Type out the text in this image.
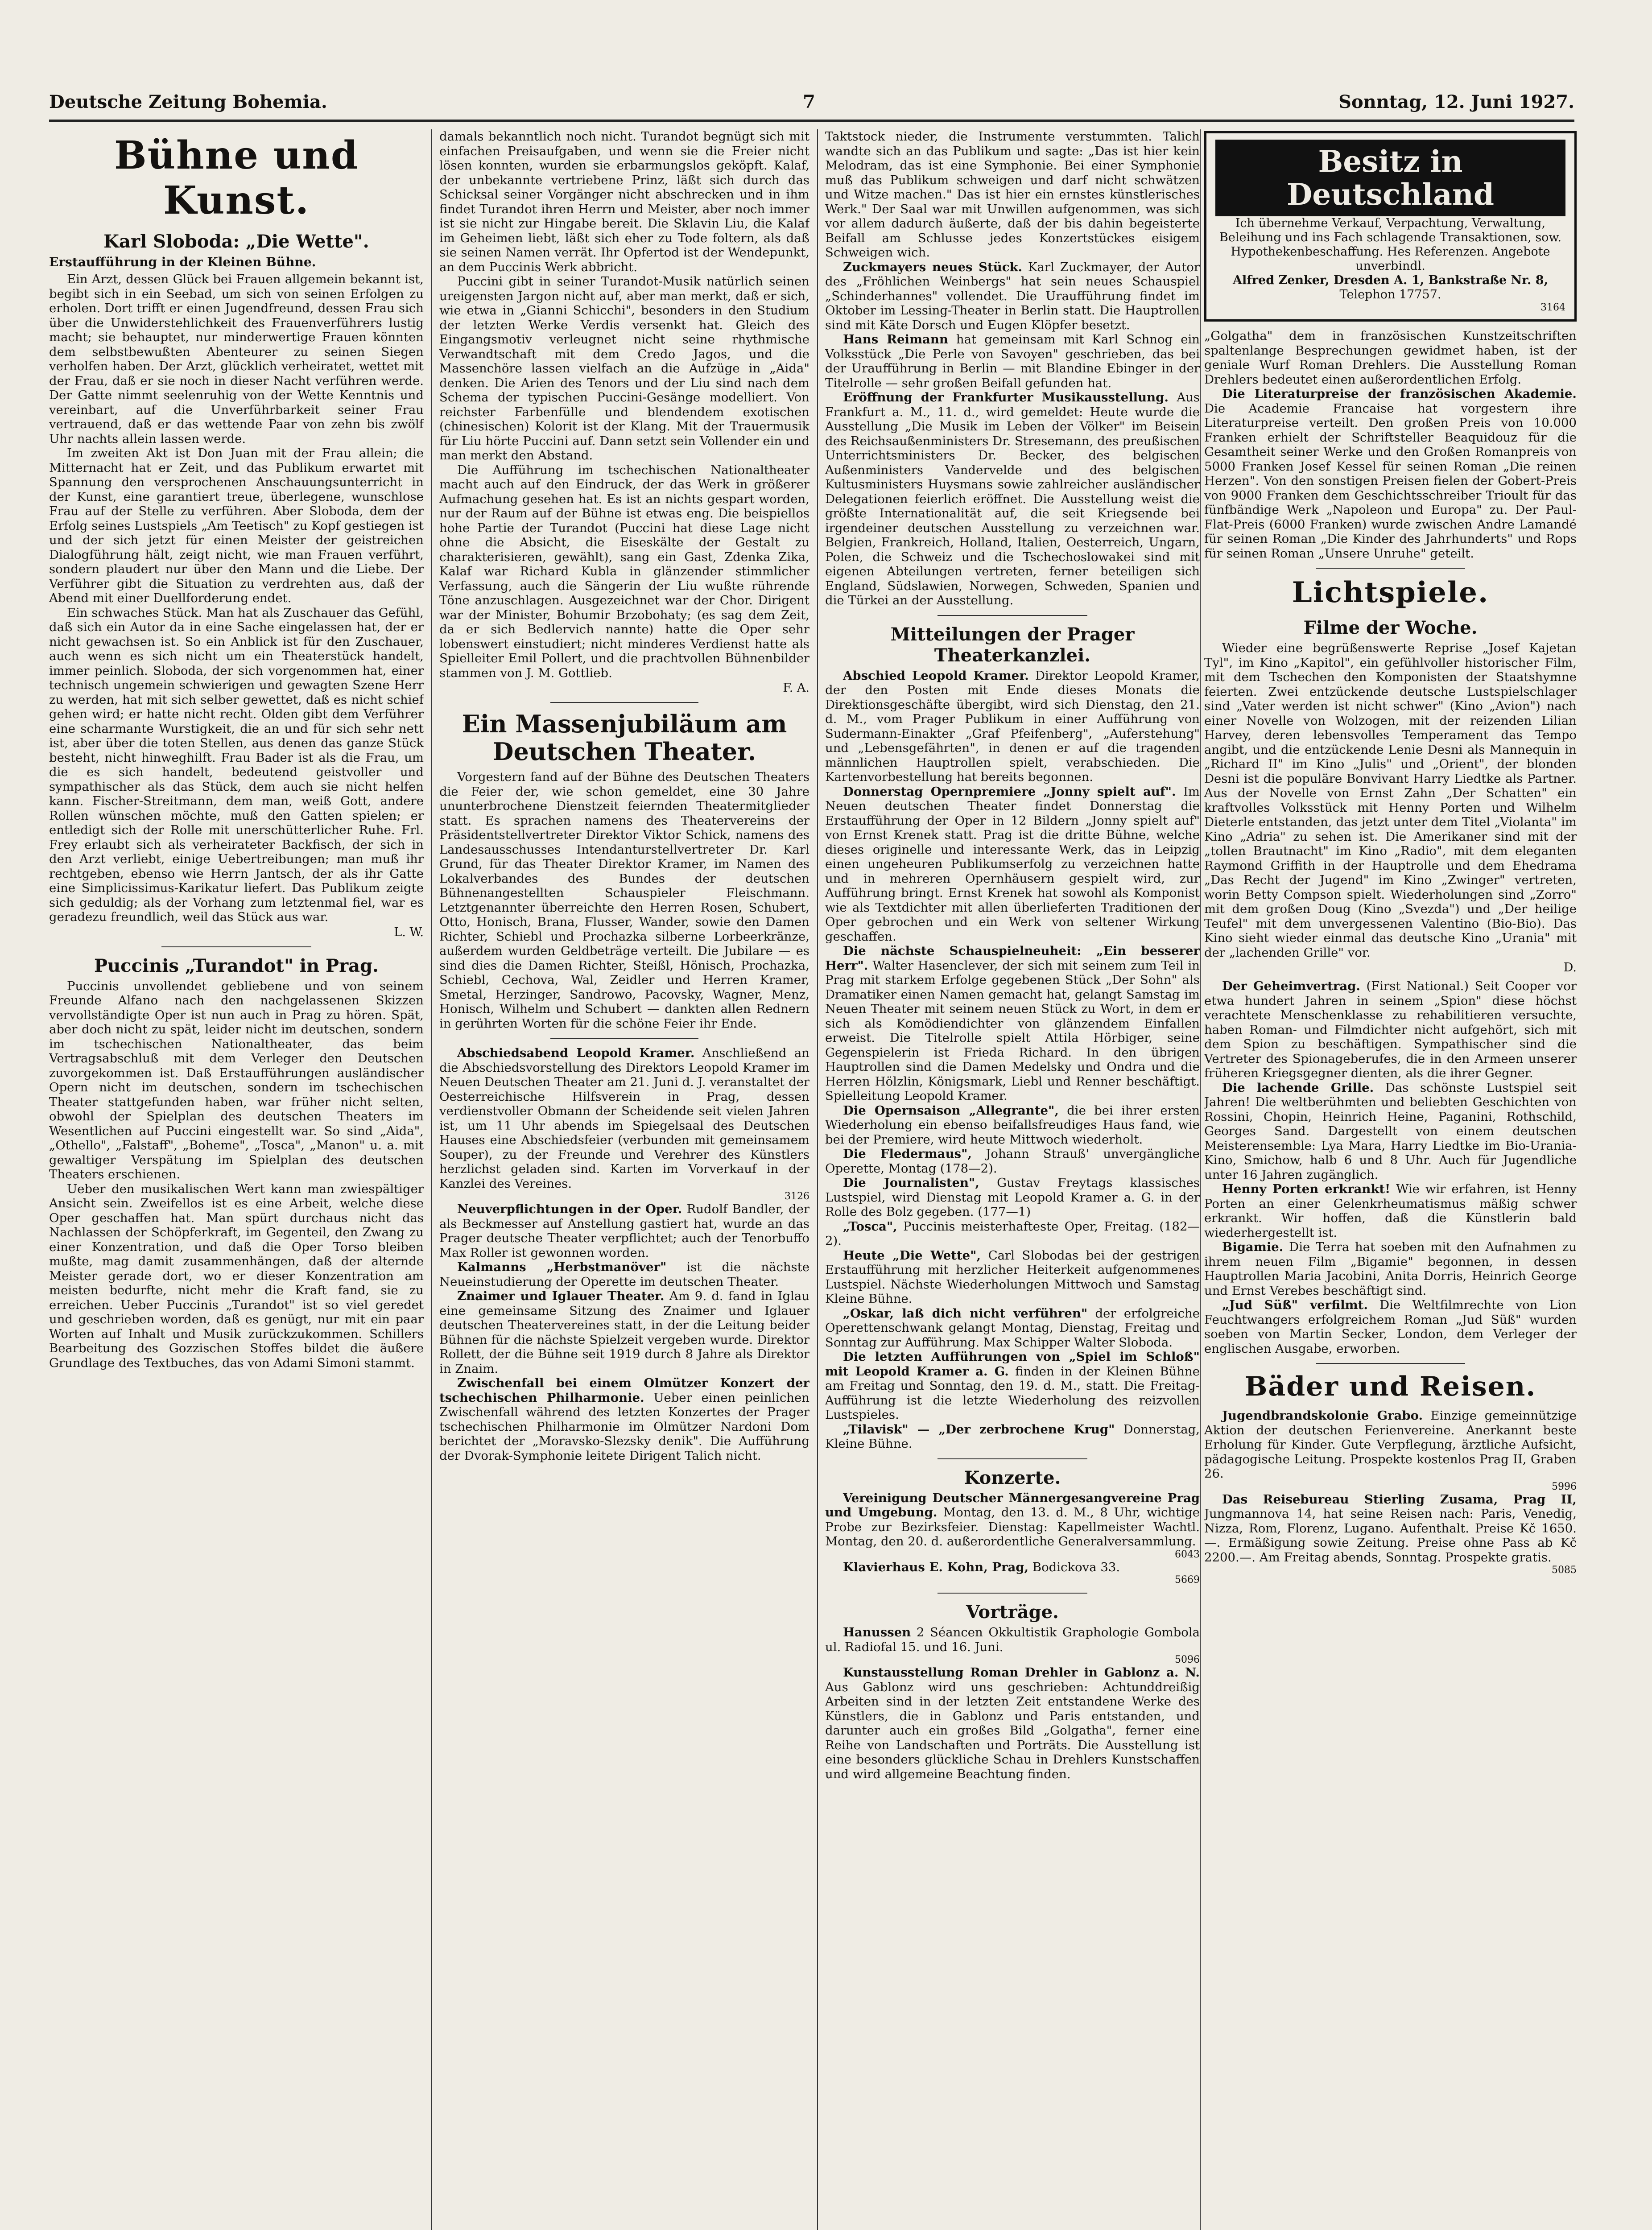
Deutsche Zeitung Bohemia.	7	Sonntag, 12. Juni 1927.
Bühne und Kunst.
Karl Sloboda: „Die Wette".
Erstaufführung in der Kleinen Bühne.

Ein Arzt, dessen Glück bei Frauen allgemein bekannt ist, begibt sich in ein Seebad, um sich von seinen Erfolgen zu erholen. Dort trifft er einen Jugendfreund, dessen Frau sich über die Unwiderstehlichkeit des Frauenverführers lustig macht; sie behauptet, nur minderwertige Frauen könnten dem selbstbewußten Abenteurer zu seinen Siegen verholfen haben. Der Arzt, glücklich verheiratet, wettet mit der Frau, daß er sie noch in dieser Nacht verführen werde. Der Gatte nimmt seelenruhig von der Wette Kenntnis und vereinbart, auf die Unverführbarkeit seiner Frau vertrauend, daß er das wettende Paar von zehn bis zwölf Uhr nachts allein lassen werde.

Im zweiten Akt ist Don Juan mit der Frau allein; die Mitternacht hat er Zeit, und das Publikum erwartet mit Spannung den versprochenen Anschauungsunterricht in der Kunst, eine garantiert treue, überlegene, wunschlose Frau auf der Stelle zu verführen. Aber Sloboda, dem der Erfolg seines Lustspiels „Am Teetisch" zu Kopf gestiegen ist und der sich jetzt für einen Meister der geistreichen Dialogführung hält, zeigt nicht, wie man Frauen verführt, sondern plaudert nur über den Mann und die Liebe. Der Verführer gibt die Situation zu verdrehten aus, daß der Abend mit einer Duellforderung endet.

Ein schwaches Stück. Man hat als Zuschauer das Gefühl, daß sich ein Autor da in eine Sache eingelassen hat, der er nicht gewachsen ist. So ein Anblick ist für den Zuschauer, auch wenn es sich nicht um ein Theaterstück handelt, immer peinlich. Sloboda, der sich vorgenommen hat, einer technisch ungemein schwierigen und gewagten Szene Herr zu werden, hat mit sich selber gewettet, daß es nicht schief gehen wird; er hatte nicht recht. Olden gibt dem Verführer eine scharmante Wurstigkeit, die an und für sich sehr nett ist, aber über die toten Stellen, aus denen das ganze Stück besteht, nicht hinweghilft. Frau Bader ist als die Frau, um die es sich handelt, bedeutend geistvoller und sympathischer als das Stück, dem auch sie nicht helfen kann. Fischer-Streitmann, dem man, weiß Gott, andere Rollen wünschen möchte, muß den Gatten spielen; er entledigt sich der Rolle mit unerschütterlicher Ruhe. Frl. Frey erlaubt sich als verheirateter Backfisch, der sich in den Arzt verliebt, einige Uebertreibungen; man muß ihr rechtgeben, ebenso wie Herrn Jantsch, der als ihr Gatte eine Simplicissimus-Karikatur liefert. Das Publikum zeigte sich geduldig; als der Vorhang zum letztenmal fiel, war es geradezu freundlich, weil das Stück aus war.

L. W.
Puccinis „Turandot" in Prag.

Puccinis unvollendet gebliebene und von seinem Freunde Alfano nach den nachgelassenen Skizzen vervollständigte Oper ist nun auch in Prag zu hören. Spät, aber doch nicht zu spät, leider nicht im deutschen, sondern im tschechischen Nationaltheater, das beim Vertragsabschluß mit dem Verleger den Deutschen zuvorgekommen ist. Daß Erstaufführungen ausländischer Opern nicht im deutschen, sondern im tschechischen Theater stattgefunden haben, war früher nicht selten, obwohl der Spielplan des deutschen Theaters im Wesentlichen auf Puccini eingestellt war. So sind „Aida", „Othello", „Falstaff", „Boheme", „Tosca", „Manon" u. a. mit gewaltiger Verspätung im Spielplan des deutschen Theaters erschienen.

Ueber den musikalischen Wert kann man zwiespältiger Ansicht sein. Zweifellos ist es eine Arbeit, welche diese Oper geschaffen hat. Man spürt durchaus nicht das Nachlassen der Schöpferkraft, im Gegenteil, den Zwang zu einer Konzentration, und daß die Oper Torso bleiben mußte, mag damit zusammenhängen, daß der alternde Meister gerade dort, wo er dieser Konzentration am meisten bedurfte, nicht mehr die Kraft fand, sie zu erreichen. Ueber Puccinis „Turandot" ist so viel geredet und geschrieben worden, daß es genügt, nur mit ein paar Worten auf Inhalt und Musik zurückzukommen. Schillers Bearbeitung des Gozzischen Stoffes bildet die äußere Grundlage des Textbuches, das von Adami Simoni stammt.

damals bekanntlich noch nicht. Turandot begnügt sich mit einfachen Preisaufgaben, und wenn sie die Freier nicht lösen konnten, wurden sie erbarmungslos geköpft. Kalaf, der unbekannte vertriebene Prinz, läßt sich durch das Schicksal seiner Vorgänger nicht abschrecken und in ihm findet Turandot ihren Herrn und Meister, aber noch immer ist sie nicht zur Hingabe bereit. Die Sklavin Liu, die Kalaf im Geheimen liebt, läßt sich eher zu Tode foltern, als daß sie seinen Namen verrät. Ihr Opfertod ist der Wendepunkt, an dem Puccinis Werk abbricht.

Puccini gibt in seiner Turandot-Musik natürlich seinen ureigensten Jargon nicht auf, aber man merkt, daß er sich, wie etwa in „Gianni Schicchi", besonders in den Studium der letzten Werke Verdis versenkt hat. Gleich des Eingangsmotiv verleugnet nicht seine rhythmische Verwandtschaft mit dem Credo Jagos, und die Massenchöre lassen vielfach an die Aufzüge in „Aida" denken. Die Arien des Tenors und der Liu sind nach dem Schema der typischen Puccini-Gesänge modelliert. Von reichster Farbenfülle und blendendem exotischen (chinesischen) Kolorit ist der Klang. Mit der Trauermusik für Liu hörte Puccini auf. Dann setzt sein Vollender ein und man merkt den Abstand.

Die Aufführung im tschechischen Nationaltheater macht auch auf den Eindruck, der das Werk in größerer Aufmachung gesehen hat. Es ist an nichts gespart worden, nur der Raum auf der Bühne ist etwas eng. Die beispiellos hohe Partie der Turandot (Puccini hat diese Lage nicht ohne die Absicht, die Eiseskälte der Gestalt zu charakterisieren, gewählt), sang ein Gast, Zdenka Zika, Kalaf war Richard Kubla in glänzender stimmlicher Verfassung, auch die Sängerin der Liu wußte rührende Töne anzuschlagen. Ausgezeichnet war der Chor. Dirigent war der Minister, Bohumir Brzobohaty; (es sag dem Zeit, da er sich Bedlervich nannte) hatte die Oper sehr lobenswert einstudiert; nicht minderes Verdienst hatte als Spielleiter Emil Pollert, und die prachtvollen Bühnenbilder stammen von J. M. Gottlieb.

F. A.
Ein Massenjubiläum am Deutschen Theater.

Vorgestern fand auf der Bühne des Deutschen Theaters die Feier der, wie schon gemeldet, eine 30 Jahre ununterbrochene Dienstzeit feiernden Theatermitglieder statt. Es sprachen namens des Theatervereins der Präsidentstellvertreter Direktor Viktor Schick, namens des Landesausschusses Intendanturstellvertreter Dr. Karl Grund, für das Theater Direktor Kramer, im Namen des Lokalverbandes des Bundes der deutschen Bühnenangestellten Schauspieler Fleischmann. Letztgenannter überreichte den Herren Rosen, Schubert, Otto, Honisch, Brana, Flusser, Wander, sowie den Damen Richter, Schiebl und Prochazka silberne Lorbeerkränze, außerdem wurden Geldbeträge verteilt. Die Jubilare — es sind dies die Damen Richter, Steißl, Hönisch, Prochazka, Schiebl, Cechova, Wal, Zeidler und Herren Kramer, Smetal, Herzinger, Sandrowo, Pacovsky, Wagner, Menz, Honisch, Wilhelm und Schubert — dankten allen Rednern in gerührten Worten für die schöne Feier ihr Ende.

Abschiedsabend Leopold Kramer. Anschließend an die Abschiedsvorstellung des Direktors Leopold Kramer im Neuen Deutschen Theater am 21. Juni d. J. veranstaltet der Oesterreichische Hilfsverein in Prag, dessen verdienstvoller Obmann der Scheidende seit vielen Jahren ist, um 11 Uhr abends im Spiegelsaal des Deutschen Hauses eine Abschiedsfeier (verbunden mit gemeinsamem Souper), zu der Freunde und Verehrer des Künstlers herzlichst geladen sind. Karten im Vorverkauf in der Kanzlei des Vereines.

3126

Neuverpflichtungen in der Oper. Rudolf Bandler, der als Beckmesser auf Anstellung gastiert hat, wurde an das Prager deutsche Theater verpflichtet; auch der Tenorbuffo Max Roller ist gewonnen worden.

Kalmanns „Herbstmanöver" ist die nächste Neueinstudierung der Operette im deutschen Theater.

Znaimer und Iglauer Theater. Am 9. d. fand in Iglau eine gemeinsame Sitzung des Znaimer und Iglauer deutschen Theatervereines statt, in der die Leitung beider Bühnen für die nächste Spielzeit vergeben wurde. Direktor Rollett, der die Bühne seit 1919 durch 8 Jahre als Direktor in Znaim.

Zwischenfall bei einem Olmützer Konzert der tschechischen Philharmonie. Ueber einen peinlichen Zwischenfall während des letzten Konzertes der Prager tschechischen Philharmonie im Olmützer Nardoni Dom berichtet der „Moravsko-Slezsky denik". Die Aufführung der Dvorak-Symphonie leitete Dirigent Talich nicht.

Taktstock nieder, die Instrumente verstummten. Talich wandte sich an das Publikum und sagte: „Das ist hier kein Melodram, das ist eine Symphonie. Bei einer Symphonie muß das Publikum schweigen und darf nicht schwätzen und Witze machen." Das ist hier ein ernstes künstlerisches Werk." Der Saal war mit Unwillen aufgenommen, was sich vor allem dadurch äußerte, daß der bis dahin begeisterte Beifall am Schlusse jedes Konzertstückes eisigem Schweigen wich.

Zuckmayers neues Stück. Karl Zuckmayer, der Autor des „Fröhlichen Weinbergs" hat sein neues Schauspiel „Schinderhannes" vollendet. Die Uraufführung findet im Oktober im Lessing-Theater in Berlin statt. Die Hauptrollen sind mit Käte Dorsch und Eugen Klöpfer besetzt.

Hans Reimann hat gemeinsam mit Karl Schnog ein Volksstück „Die Perle von Savoyen" geschrieben, das bei der Uraufführung in Berlin — mit Blandine Ebinger in der Titelrolle — sehr großen Beifall gefunden hat.

Eröffnung der Frankfurter Musikausstellung. Aus Frankfurt a. M., 11. d., wird gemeldet: Heute wurde die Ausstellung „Die Musik im Leben der Völker" im Beisein des Reichsaußenministers Dr. Stresemann, des preußischen Unterrichtsministers Dr. Becker, des belgischen Außenministers Vandervelde und des belgischen Kultusministers Huysmans sowie zahlreicher ausländischer Delegationen feierlich eröffnet. Die Ausstellung weist die größte Internationalität auf, die seit Kriegsende bei irgendeiner deutschen Ausstellung zu verzeichnen war. Belgien, Frankreich, Holland, Italien, Oesterreich, Ungarn, Polen, die Schweiz und die Tschechoslowakei sind mit eigenen Abteilungen vertreten, ferner beteiligen sich England, Südslawien, Norwegen, Schweden, Spanien und die Türkei an der Ausstellung.

Mitteilungen der Prager Theaterkanzlei.

Abschied Leopold Kramer. Direktor Leopold Kramer, der den Posten mit Ende dieses Monats die Direktionsgeschäfte übergibt, wird sich Dienstag, den 21. d. M., vom Prager Publikum in einer Aufführung von Sudermann-Einakter „Graf Pfeifenberg", „Auferstehung" und „Lebensgefährten", in denen er auf die tragenden männlichen Hauptrollen spielt, verabschieden. Die Kartenvorbestellung hat bereits begonnen.

Donnerstag Opernpremiere „Jonny spielt auf". Im Neuen deutschen Theater findet Donnerstag die Erstaufführung der Oper in 12 Bildern „Jonny spielt auf" von Ernst Krenek statt. Prag ist die dritte Bühne, welche dieses originelle und interessante Werk, das in Leipzig einen ungeheuren Publikumserfolg zu verzeichnen hatte und in mehreren Opernhäusern gespielt wird, zur Aufführung bringt. Ernst Krenek hat sowohl als Komponist wie als Textdichter mit allen überlieferten Traditionen der Oper gebrochen und ein Werk von seltener Wirkung geschaffen.

Die nächste Schauspielneuheit: „Ein besserer Herr". Walter Hasenclever, der sich mit seinem zum Teil in Prag mit starkem Erfolge gegebenen Stück „Der Sohn" als Dramatiker einen Namen gemacht hat, gelangt Samstag im Neuen Theater mit seinem neuen Stück zu Wort, in dem er sich als Komödiendichter von glänzendem Einfallen erweist. Die Titelrolle spielt Attila Hörbiger, seine Gegenspielerin ist Frieda Richard. In den übrigen Hauptrollen sind die Damen Medelsky und Ondra und die Herren Hölzlin, Königsmark, Liebl und Renner beschäftigt. Spielleitung Leopold Kramer.

Die Opernsaison „Allegrante", die bei ihrer ersten Wiederholung ein ebenso beifallsfreudiges Haus fand, wie bei der Premiere, wird heute Mittwoch wiederholt.

Die Fledermaus", Johann Strauß' unvergängliche Operette, Montag (178—2).

Die Journalisten", Gustav Freytags klassisches Lustspiel, wird Dienstag mit Leopold Kramer a. G. in der Rolle des Bolz gegeben. (177—1)

„Tosca", Puccinis meisterhafteste Oper, Freitag. (182—2).

Heute „Die Wette", Carl Slobodas bei der gestrigen Erstaufführung mit herzlicher Heiterkeit aufgenommenes Lustspiel. Nächste Wiederholungen Mittwoch und Samstag Kleine Bühne.

„Oskar, laß dich nicht verführen" der erfolgreiche Operettenschwank gelangt Montag, Dienstag, Freitag und Sonntag zur Aufführung. Max Schipper Walter Sloboda.

Die letzten Aufführungen von „Spiel im Schloß" mit Leopold Kramer a. G. finden in der Kleinen Bühne am Freitag und Sonntag, den 19. d. M., statt. Die Freitag-Aufführung ist die letzte Wiederholung des reizvollen Lustspieles.

„Tilavisk" — „Der zerbrochene Krug" Donnerstag, Kleine Bühne.

Konzerte.

Vereinigung Deutscher Männergesangvereine Prag und Umgebung. Montag, den 13. d. M., 8 Uhr, wichtige Probe zur Bezirksfeier. Dienstag: Kapellmeister Wachtl. Montag, den 20. d. außerordentliche Generalversammlung.

6043

Klavierhaus E. Kohn, Prag, Bodickova 33.

5669
Vorträge.

Hanussen 2 Séancen Okkultistik Graphologie Gombola ul. Radiofal 15. und 16. Juni.

5096

Kunstausstellung Roman Drehler in Gablonz a. N. Aus Gablonz wird uns geschrieben: Achtunddreißig Arbeiten sind in der letzten Zeit entstandene Werke des Künstlers, die in Gablonz und Paris entstanden, und darunter auch ein großes Bild „Golgatha", ferner eine Reihe von Landschaften und Porträts. Die Ausstellung ist eine besonders glückliche Schau in Drehlers Kunstschaffen und wird allgemeine Beachtung finden.

Besitz in Deutschland

Ich übernehme Verkauf, Verpachtung, Verwaltung, Beleihung und ins Fach schlagende Transaktionen, sow. Hypothekenbeschaffung. Hes Referenzen. Angebote unverbindl.

Alfred Zenker, Dresden A. 1, Bankstraße Nr. 8,

Telephon 17757.

3164

„Golgatha" dem in französischen Kunstzeitschriften spaltenlange Besprechungen gewidmet haben, ist der geniale Wurf Roman Drehlers. Die Ausstellung Roman Drehlers bedeutet einen außerordentlichen Erfolg.

Die Literaturpreise der französischen Akademie. Die Academie Francaise hat vorgestern ihre Literaturpreise verteilt. Den großen Preis von 10.000 Franken erhielt der Schriftsteller Beaquidouz für die Gesamtheit seiner Werke und den Großen Romanpreis von 5000 Franken Josef Kessel für seinen Roman „Die reinen Herzen". Von den sonstigen Preisen fielen der Gobert-Preis von 9000 Franken dem Geschichtsschreiber Trioult für das fünfbändige Werk „Napoleon und Europa" zu. Der Paul-Flat-Preis (6000 Franken) wurde zwischen Andre Lamandé für seinen Roman „Die Kinder des Jahrhunderts" und Rops für seinen Roman „Unsere Unruhe" geteilt.

Lichtspiele.
Filme der Woche.

Wieder eine begrüßenswerte Reprise „Josef Kajetan Tyl", im Kino „Kapitol", ein gefühlvoller historischer Film, mit dem Tschechen den Komponisten der Staatshymne feierten. Zwei entzückende deutsche Lustspielschlager sind „Vater werden ist nicht schwer" (Kino „Avion") nach einer Novelle von Wolzogen, mit der reizenden Lilian Harvey, deren lebensvolles Temperament das Tempo angibt, und die entzückende Lenie Desni als Mannequin in „Richard II" im Kino „Julis" und „Orient", der blonden Desni ist die populäre Bonvivant Harry Liedtke als Partner. Aus der Novelle von Ernst Zahn „Der Schatten" ein kraftvolles Volksstück mit Henny Porten und Wilhelm Dieterle entstanden, das jetzt unter dem Titel „Violanta" im Kino „Adria" zu sehen ist. Die Amerikaner sind mit der „tollen Brautnacht" im Kino „Radio", mit dem eleganten Raymond Griffith in der Hauptrolle und dem Ehedrama „Das Recht der Jugend" im Kino „Zwinger" vertreten, worin Betty Compson spielt. Wiederholungen sind „Zorro" mit dem großen Doug (Kino „Svezda") und „Der heilige Teufel" mit dem unvergessenen Valentino (Bio-Bio). Das Kino sieht wieder einmal das deutsche Kino „Urania" mit der „lachenden Grille" vor.

D.

Der Geheimvertrag. (First National.) Seit Cooper vor etwa hundert Jahren in seinem „Spion" diese höchst verachtete Menschenklasse zu rehabilitieren versuchte, haben Roman- und Filmdichter nicht aufgehört, sich mit dem Spion zu beschäftigen. Sympathischer sind die Vertreter des Spionageberufes, die in den Armeen unserer früheren Kriegsgegner dienten, als die ihrer Gegner.

Die lachende Grille. Das schönste Lustspiel seit Jahren! Die weltberühmten und beliebten Geschichten von Rossini, Chopin, Heinrich Heine, Paganini, Rothschild, Georges Sand. Dargestellt von einem deutschen Meisterensemble: Lya Mara, Harry Liedtke im Bio-Urania-Kino, Smichow, halb 6 und 8 Uhr. Auch für Jugendliche unter 16 Jahren zugänglich.

Henny Porten erkrankt! Wie wir erfahren, ist Henny Porten an einer Gelenkrheumatismus mäßig schwer erkrankt. Wir hoffen, daß die Künstlerin bald wiederhergestellt ist.

Bigamie. Die Terra hat soeben mit den Aufnahmen zu ihrem neuen Film „Bigamie" begonnen, in dessen Hauptrollen Maria Jacobini, Anita Dorris, Heinrich George und Ernst Verebes beschäftigt sind.

„Jud Süß" verfilmt. Die Weltfilmrechte von Lion Feuchtwangers erfolgreichem Roman „Jud Süß" wurden soeben von Martin Secker, London, dem Verleger der englischen Ausgabe, erworben.

Bäder und Reisen.

Jugendbrandskolonie Grabo. Einzige gemeinnützige Aktion der deutschen Ferienvereine. Anerkannt beste Erholung für Kinder. Gute Verpflegung, ärztliche Aufsicht, pädagogische Leitung. Prospekte kostenlos Prag II, Graben 26.

5996

Das Reisebureau Stierling Zusama, Prag II, Jungmannova 14, hat seine Reisen nach: Paris, Venedig, Nizza, Rom, Florenz, Lugano. Aufenthalt. Preise Kč 1650.—. Ermäßigung sowie Zeitung. Preise ohne Pass ab Kč 2200.—. Am Freitag abends, Sonntag. Prospekte gratis.

5085
